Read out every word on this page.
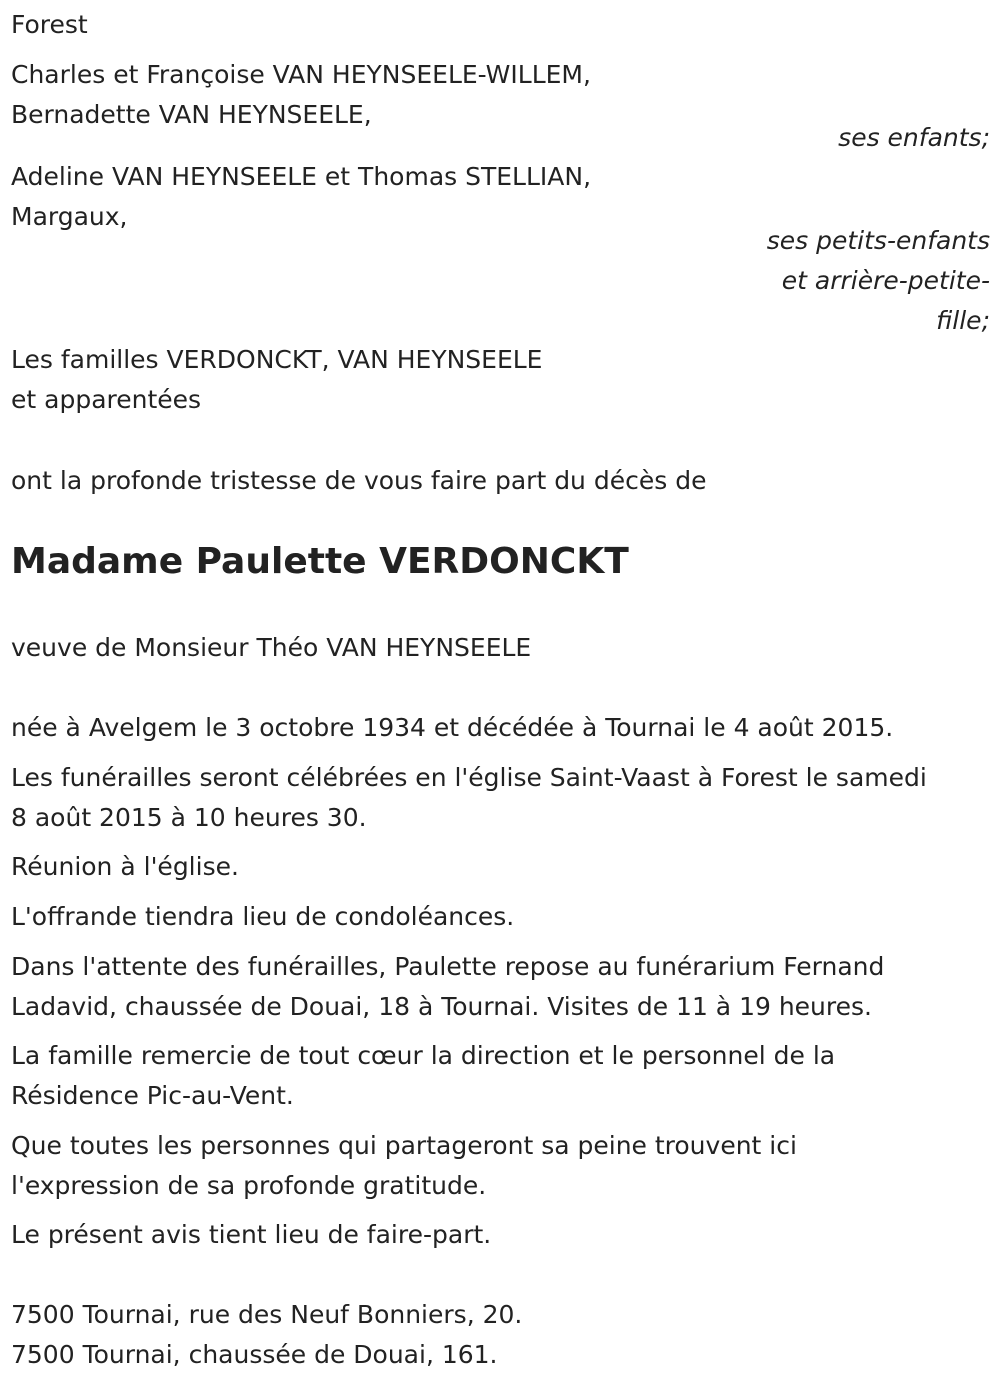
Forest

Charles et Françoise VAN HEYNSEELE-WILLEM,

Bernadette VAN HEYNSEELE,

ses enfants;

Adeline VAN HEYNSEELE et Thomas STELLIAN,

Margaux,

ses petits-enfants

et arrière-petite-

fille;

Les familles VERDONCKT, VAN HEYNSEELE

et apparentées

ont la profonde tristesse de vous faire part du décès de

Madame Paulette VERDONCKT

veuve de Monsieur Théo VAN HEYNSEELE

née à Avelgem le 3 octobre 1934 et décédée à Tournai le 4 août 2015.

Les funérailles seront célébrées en l'église Saint-Vaast à Forest le samedi

8 août 2015 à 10 heures 30.

Réunion à l'église.

L'offrande tiendra lieu de condoléances.

Dans l'attente des funérailles, Paulette repose au funérarium Fernand

Ladavid, chaussée de Douai, 18 à Tournai. Visites de 11 à 19 heures.

La famille remercie de tout cœur la direction et le personnel de la

Résidence Pic-au-Vent.

Que toutes les personnes qui partageront sa peine trouvent ici

l'expression de sa profonde gratitude.

Le présent avis tient lieu de faire-part.

7500 Tournai, rue des Neuf Bonniers, 20.

7500 Tournai, chaussée de Douai, 161.
